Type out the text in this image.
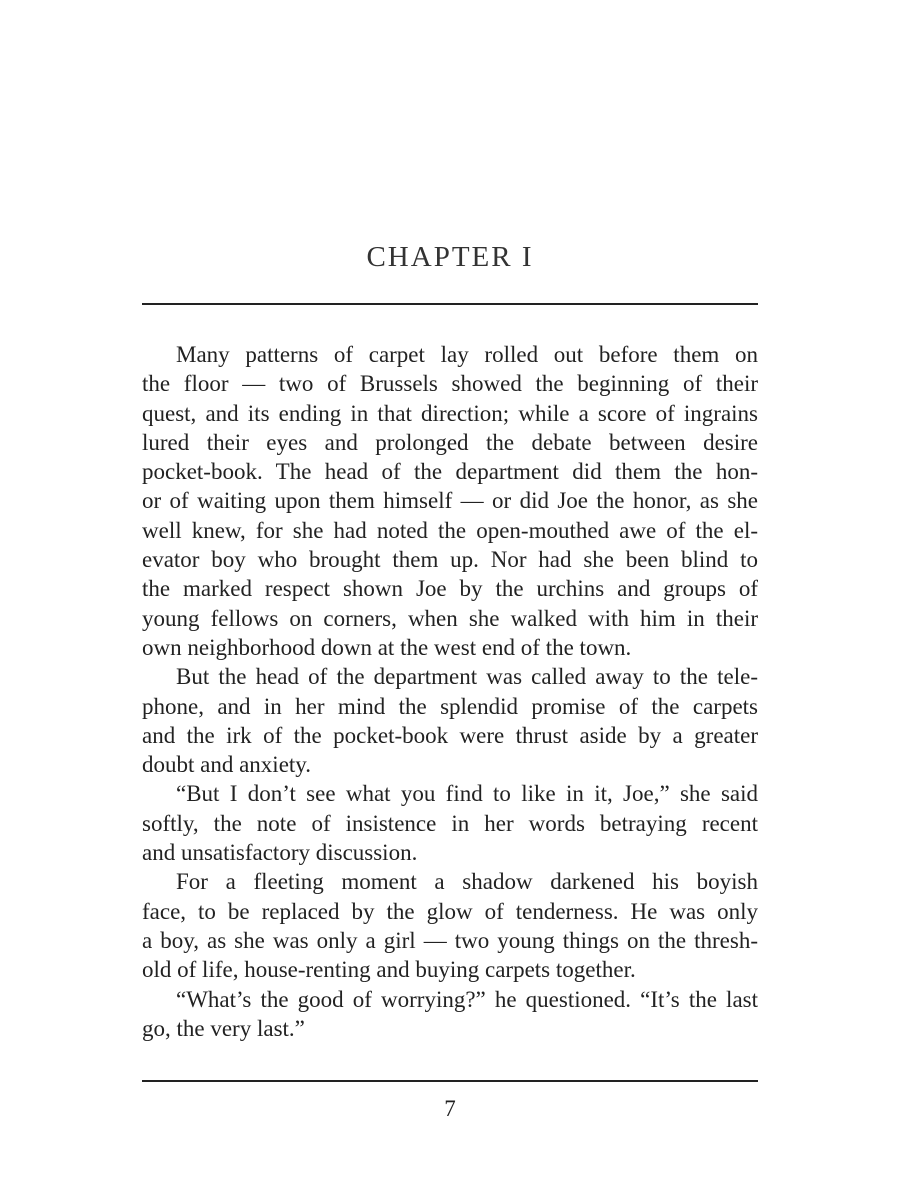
CHAPTER I
Many patterns of carpet lay rolled out before them on
the floor — two of Brussels showed the beginning of their
quest, and its ending in that direction; while a score of ingrains
lured their eyes and prolonged the debate between desire
pocket-book. The head of the department did them the hon-
or of waiting upon them himself — or did Joe the honor, as she
well knew, for she had noted the open-mouthed awe of the el-
evator boy who brought them up. Nor had she been blind to
the marked respect shown Joe by the urchins and groups of
young fellows on corners, when she walked with him in their
own neighborhood down at the west end of the town.
But the head of the department was called away to the tele-
phone, and in her mind the splendid promise of the carpets
and the irk of the pocket-book were thrust aside by a greater
doubt and anxiety.
“But I don’t see what you find to like in it, Joe,” she said
softly, the note of insistence in her words betraying recent
and unsatisfactory discussion.
For a fleeting moment a shadow darkened his boyish
face, to be replaced by the glow of tenderness. He was only
a boy, as she was only a girl — two young things on the thresh-
old of life, house-renting and buying carpets together.
“What’s the good of worrying?” he questioned. “It’s the last
go, the very last.”

7
